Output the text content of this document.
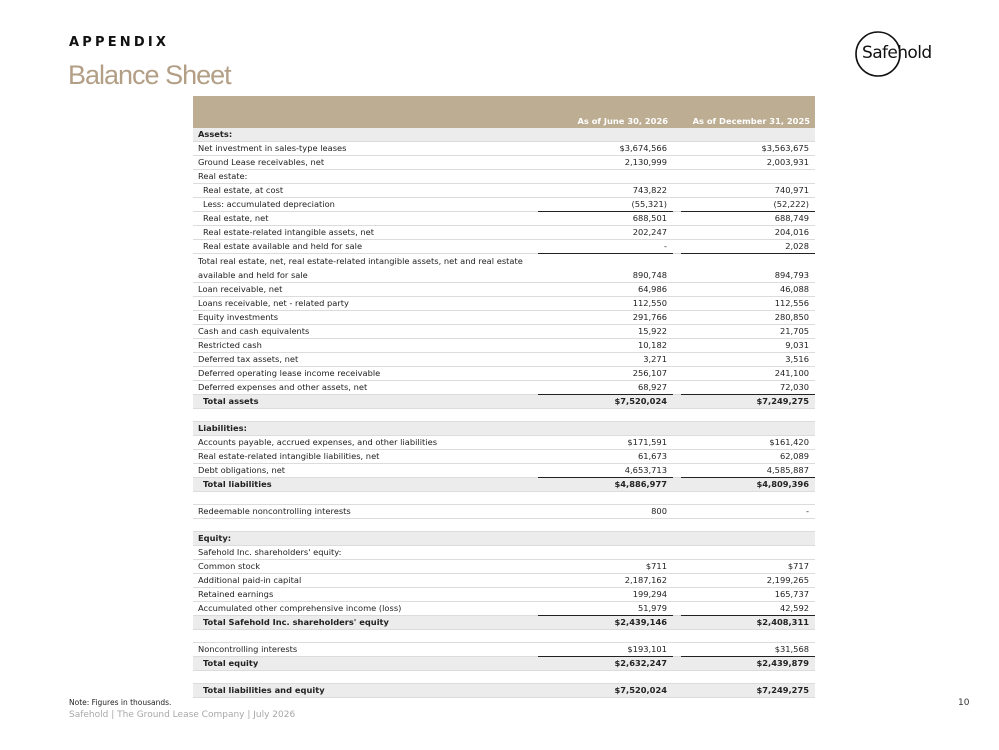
APPENDIX
Balance Sheet
Safehold
	As of June 30, 2026		As of December 31, 2025
Assets:			
Net investment in sales-type leases	$3,674,566		$3,563,675
Ground Lease receivables, net	2,130,999		2,003,931
Real estate:			
Real estate, at cost	743,822		740,971
Less: accumulated depreciation	(55,321)		(52,222)
Real estate, net	688,501		688,749
Real estate-related intangible assets, net	202,247		204,016
Real estate available and held for sale	-		2,028
Total real estate, net, real estate-related intangible assets, net and real estate available and held for sale	890,748		894,793
Loan receivable, net	64,986		46,088
Loans receivable, net - related party	112,550		112,556
Equity investments	291,766		280,850
Cash and cash equivalents	15,922		21,705
Restricted cash	10,182		9,031
Deferred tax assets, net	3,271		3,516
Deferred operating lease income receivable	256,107		241,100
Deferred expenses and other assets, net	68,927		72,030
Total assets	$7,520,024		$7,249,275

Liabilities:			
Accounts payable, accrued expenses, and other liabilities	$171,591		$161,420
Real estate-related intangible liabilities, net	61,673		62,089
Debt obligations, net	4,653,713		4,585,887
Total liabilities	$4,886,977		$4,809,396

Redeemable noncontrolling interests	800		-

Equity:			
Safehold Inc. shareholders' equity:			
Common stock	$711		$717
Additional paid-in capital	2,187,162		2,199,265
Retained earnings	199,294		165,737
Accumulated other comprehensive income (loss)	51,979		42,592
Total Safehold Inc. shareholders' equity	$2,439,146		$2,408,311

Noncontrolling interests	$193,101		$31,568
Total equity	$2,632,247		$2,439,879

Total liabilities and equity	$7,520,024		$7,249,275
Note: Figures in thousands.
Safehold | The Ground Lease Company | July 2026
10
